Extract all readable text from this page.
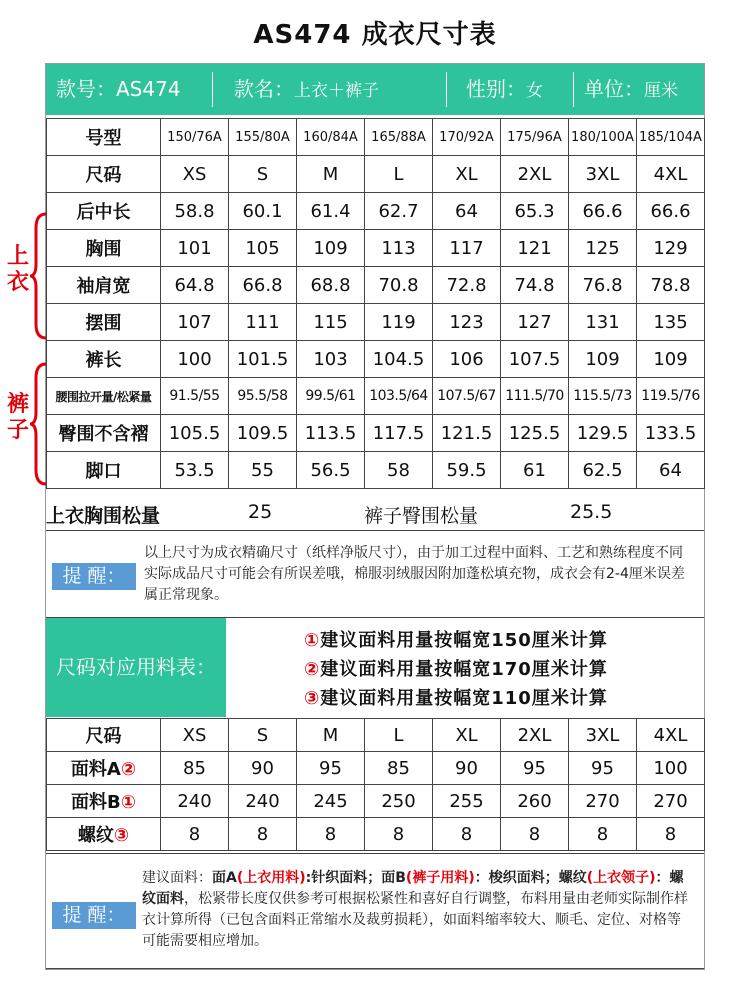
AS474 成衣尺寸表
款号：AS474	款名：上衣＋裤子	性别：女 单位：厘米
号型	150/76A	155/80A	160/84A	165/88A	170/92A	175/96A	180/100A	185/104A
尺码	XS	S	M	L	XL	2XL	3XL	4XL
后中长	58.8	60.1	61.4	62.7	64	65.3	66.6	66.6
胸围	101	105	109	113	117	121	125	129
袖肩宽	64.8	66.8	68.8	70.8	72.8	74.8	76.8	78.8
摆围	107	111	115	119	123	127	131	135
裤长	100	101.5	103	104.5	106	107.5	109	109
腰围拉开量/松紧量	91.5/55	95.5/58	99.5/61	103.5/64	107.5/67	111.5/70	115.5/73	119.5/76
臀围不含褶	105.5	109.5	113.5	117.5	121.5	125.5	129.5	133.5
脚口	53.5	55	56.5	58	59.5	61	62.5	64
上衣
裤子
上衣胸围松量	25	裤子臀围松量	25.5
提 醒：
以上尺寸为成衣精确尺寸（纸样净版尺寸），由于加工过程中面料、工艺和熟练程度不同实际成品尺寸可能会有所误差哦，棉服羽绒服因附加蓬松填充物，成衣会有2-4厘米误差属正常现象。
尺码对应用料表：
①建议面料用量按幅宽150厘米计算
②建议面料用量按幅宽170厘米计算
③建议面料用量按幅宽110厘米计算
尺码	XS	S	M	L	XL	2XL	3XL	4XL
面料A②	85	90	95	85	90	95	95	100
面料B①	240	240	245	250	255	260	270	270
螺纹③	8	8	8	8	8	8	8	8
提 醒：
建议面料：面A(上衣用料):针织面料；面B(裤子用料)：梭织面料；螺纹(上衣领子)：螺纹面料，松紧带长度仅供参考可根据松紧性和喜好自行调整，布料用量由老师实际制作样衣计算所得（已包含面料正常缩水及裁剪损耗），如面料缩率较大、顺毛、定位、对格等可能需要相应增加。
